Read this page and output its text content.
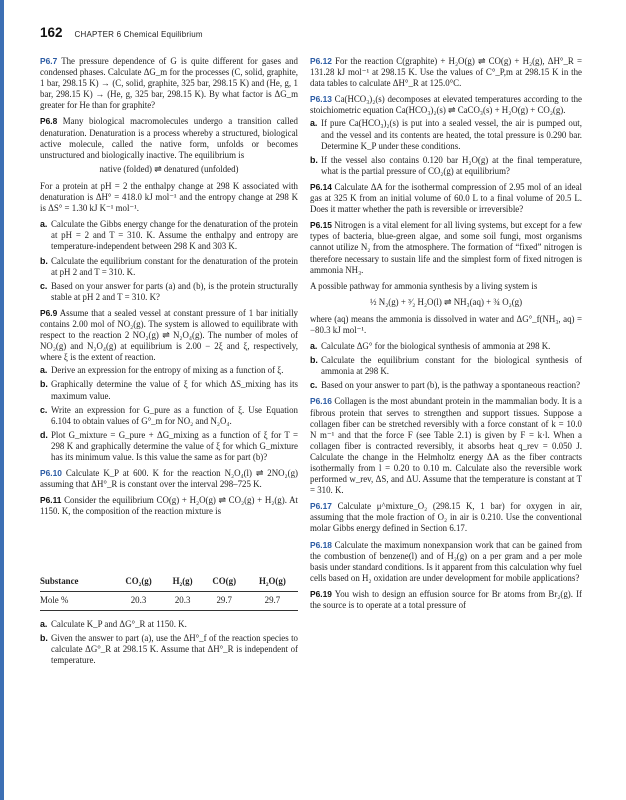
162 CHAPTER 6 Chemical Equilibrium

P6.7 The pressure dependence of G is quite different for gases and condensed phases. Calculate ΔG_m for the processes (C, solid, graphite, 1 bar, 298.15 K) → (C, solid, graphite, 325 bar, 298.15 K) and (He, g, 1 bar, 298.15 K) → (He, g, 325 bar, 298.15 K). By what factor is ΔG_m greater for He than for graphite?

P6.8 Many biological macromolecules undergo a transition called denaturation. Denaturation is a process whereby a structured, biological active molecule, called the native form, unfolds or becomes unstructured and biologically inactive. The equilibrium is

native (folded) ⇌ denatured (unfolded)

For a protein at pH = 2 the enthalpy change at 298 K associated with denaturation is ΔH° = 418.0 kJ mol⁻¹ and the entropy change at 298 K is ΔS° = 1.30 kJ K⁻¹ mol⁻¹.

a. Calculate the Gibbs energy change for the denaturation of the protein at pH = 2 and T = 310. K. Assume the enthalpy and entropy are temperature-independent between 298 K and 303 K.
b. Calculate the equilibrium constant for the denaturation of the protein at pH 2 and T = 310. K.
c. Based on your answer for parts (a) and (b), is the protein structurally stable at pH 2 and T = 310. K?

P6.9 Assume that a sealed vessel at constant pressure of 1 bar initially contains 2.00 mol of NO₂(g). The system is allowed to equilibrate with respect to the reaction 2 NO₂(g) ⇌ N₂O₄(g). The number of moles of NO₂(g) and N₂O₄(g) at equilibrium is 2.00 − 2ξ and ξ, respectively, where ξ is the extent of reaction.

a. Derive an expression for the entropy of mixing as a function of ξ.
b. Graphically determine the value of ξ for which ΔS_mixing has its maximum value.
c. Write an expression for G_pure as a function of ξ. Use Equation 6.104 to obtain values of G°_m for NO₂ and N₂O₄.
d. Plot G_mixture = G_pure + ΔG_mixing as a function of ξ for T = 298 K and graphically determine the value of ξ for which G_mixture has its minimum value. Is this value the same as for part (b)?

P6.10 Calculate K_P at 600. K for the reaction N₂O₄(l) ⇌ 2NO₂(g) assuming that ΔH°_R is constant over the interval 298–725 K.

P6.11 Consider the equilibrium CO(g) + H₂O(g) ⇌ CO₂(g) + H₂(g). At 1150. K, the composition of the reaction mixture is

Substance	CO₂(g)	H₂(g)	CO(g)	H₂O(g)
Mole %	20.3	20.3	29.7	29.7
a. Calculate K_P and ΔG°_R at 1150. K.
b. Given the answer to part (a), use the ΔH°_f of the reaction species to calculate ΔG°_R at 298.15 K. Assume that ΔH°_R is independent of temperature.

P6.12 For the reaction C(graphite) + H₂O(g) ⇌ CO(g) + H₂(g), ΔH°_R = 131.28 kJ mol⁻¹ at 298.15 K. Use the values of C°_P,m at 298.15 K in the data tables to calculate ΔH°_R at 125.0°C.

P6.13 Ca(HCO₃)₂(s) decomposes at elevated temperatures according to the stoichiometric equation Ca(HCO₃)₂(s) ⇌ CaCO₃(s) + H₂O(g) + CO₂(g).

a. If pure Ca(HCO₃)₂(s) is put into a sealed vessel, the air is pumped out, and the vessel and its contents are heated, the total pressure is 0.290 bar. Determine K_P under these conditions.
b. If the vessel also contains 0.120 bar H₂O(g) at the final temperature, what is the partial pressure of CO₂(g) at equilibrium?

P6.14 Calculate ΔA for the isothermal compression of 2.95 mol of an ideal gas at 325 K from an initial volume of 60.0 L to a final volume of 20.5 L. Does it matter whether the path is reversible or irreversible?

P6.15 Nitrogen is a vital element for all living systems, but except for a few types of bacteria, blue-green algae, and some soil fungi, most organisms cannot utilize N₂ from the atmosphere. The formation of “fixed” nitrogen is therefore necessary to sustain life and the simplest form of fixed nitrogen is ammonia NH₃.

A possible pathway for ammonia synthesis by a living system is

½ N₂(g) + ³⁄₂ H₂O(l) ⇌ NH₃(aq) + ¾ O₂(g)

where (aq) means the ammonia is dissolved in water and ΔG°_f(NH₃, aq) = −80.3 kJ mol⁻¹.

a. Calculate ΔG° for the biological synthesis of ammonia at 298 K.
b. Calculate the equilibrium constant for the biological synthesis of ammonia at 298 K.
c. Based on your answer to part (b), is the pathway a spontaneous reaction?

P6.16 Collagen is the most abundant protein in the mammalian body. It is a fibrous protein that serves to strengthen and support tissues. Suppose a collagen fiber can be stretched reversibly with a force constant of k = 10.0 N m⁻¹ and that the force F (see Table 2.1) is given by F = k·l. When a collagen fiber is contracted reversibly, it absorbs heat q_rev = 0.050 J. Calculate the change in the Helmholtz energy ΔA as the fiber contracts isothermally from l = 0.20 to 0.10 m. Calculate also the reversible work performed w_rev, ΔS, and ΔU. Assume that the temperature is constant at T = 310. K.

P6.17 Calculate μ^mixture_O₂ (298.15 K, 1 bar) for oxygen in air, assuming that the mole fraction of O₂ in air is 0.210. Use the conventional molar Gibbs energy defined in Section 6.17.

P6.18 Calculate the maximum nonexpansion work that can be gained from the combustion of benzene(l) and of H₂(g) on a per gram and a per mole basis under standard conditions. Is it apparent from this calculation why fuel cells based on H₂ oxidation are under development for mobile applications?

P6.19 You wish to design an effusion source for Br atoms from Br₂(g). If the source is to operate at a total pressure of
